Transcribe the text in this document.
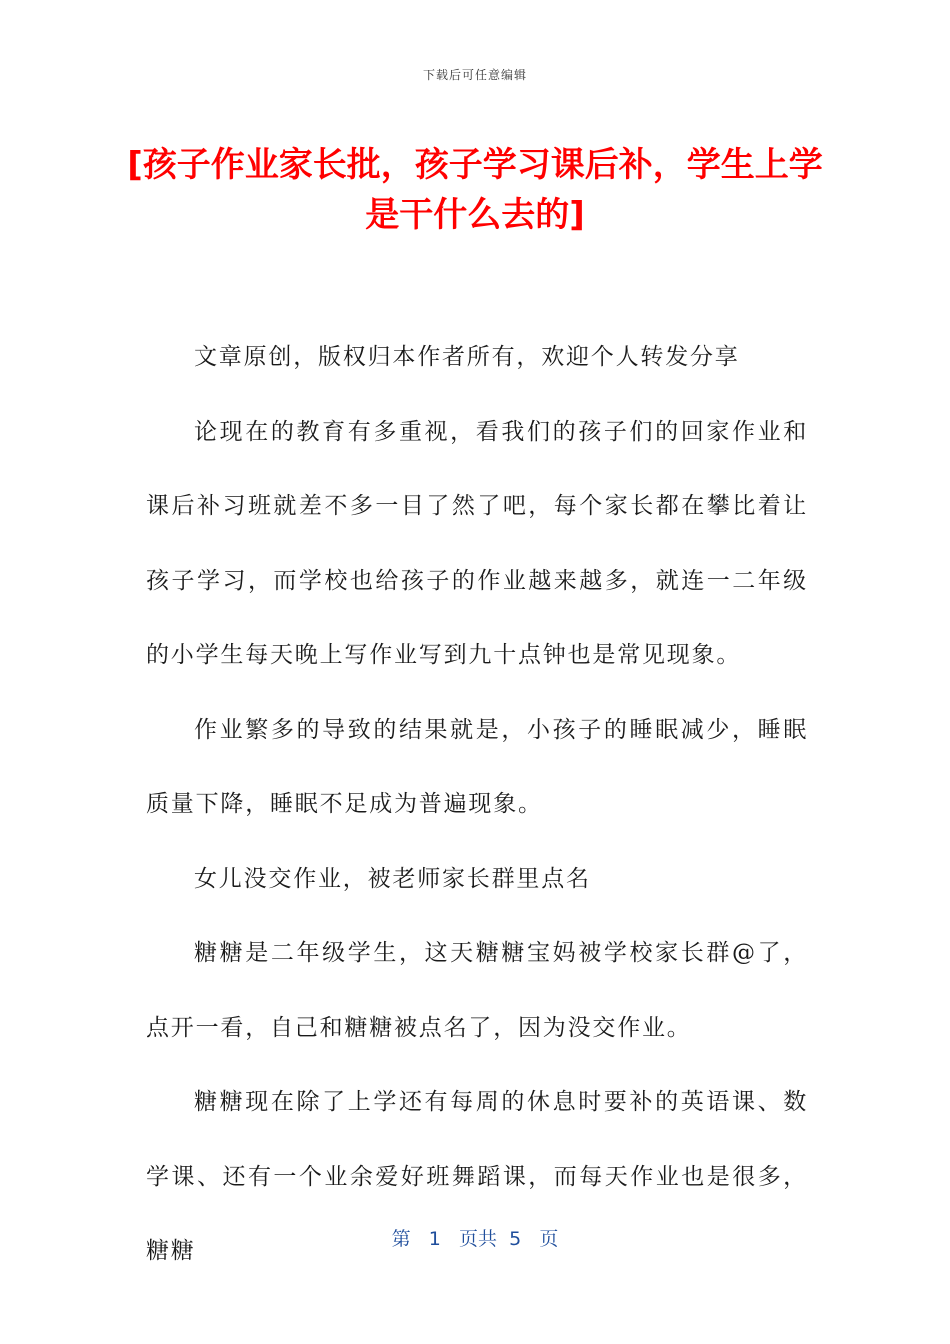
下载后可任意编辑
[孩子作业家长批，孩子学习课后补，学生上学是干什么去的]

文章原创，版权归本作者所有，欢迎个人转发分享

论现在的教育有多重视，看我们的孩子们的回家作业和课后补习班就差不多一目了然了吧，每个家长都在攀比着让孩子学习，而学校也给孩子的作业越来越多，就连一二年级的小学生每天晚上写作业写到九十点钟也是常见现象。

作业繁多的导致的结果就是，小孩子的睡眠减少，睡眠质量下降，睡眠不足成为普遍现象。

女儿没交作业，被老师家长群里点名

糖糖是二年级学生，这天糖糖宝妈被学校家长群@了，点开一看，自己和糖糖被点名了，因为没交作业。

糖糖现在除了上学还有每周的休息时要补的英语课、数学课、还有一个业余爱好班舞蹈课，而每天作业也是很多，糖糖	第 1 页共 5 页
